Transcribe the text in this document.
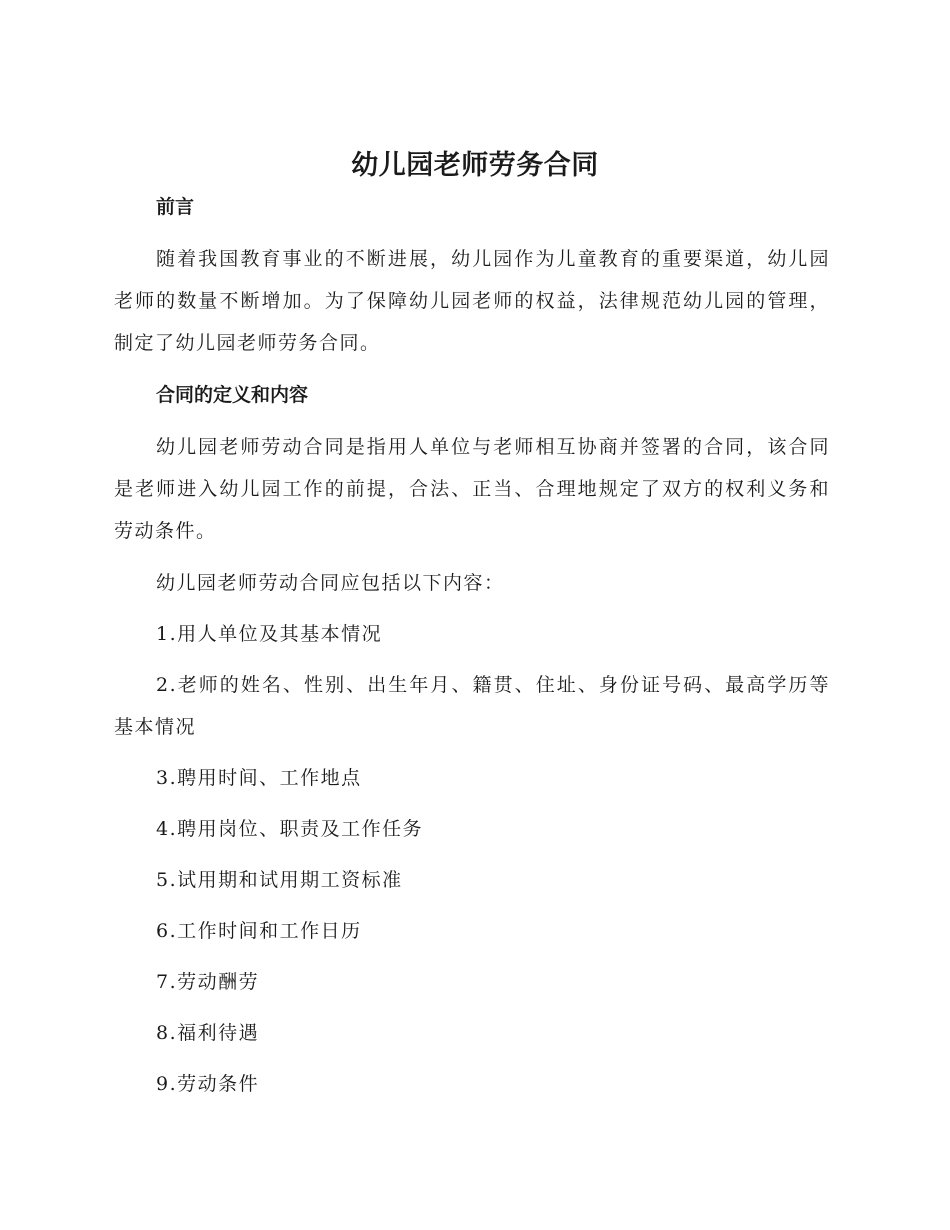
幼儿园老师劳务合同

前言

随着我国教育事业的不断进展，幼儿园作为儿童教育的重要渠道，幼儿园老师的数量不断增加。为了保障幼儿园老师的权益，法律规范幼儿园的管理，制定了幼儿园老师劳务合同。

合同的定义和内容

幼儿园老师劳动合同是指用人单位与老师相互协商并签署的合同，该合同是老师进入幼儿园工作的前提，合法、正当、合理地规定了双方的权利义务和劳动条件。

幼儿园老师劳动合同应包括以下内容：

1.用人单位及其基本情况

2.老师的姓名、性别、出生年月、籍贯、住址、身份证号码、最高学历等基本情况

3.聘用时间、工作地点

4.聘用岗位、职责及工作任务

5.试用期和试用期工资标准

6.工作时间和工作日历

7.劳动酬劳

8.福利待遇

9.劳动条件
